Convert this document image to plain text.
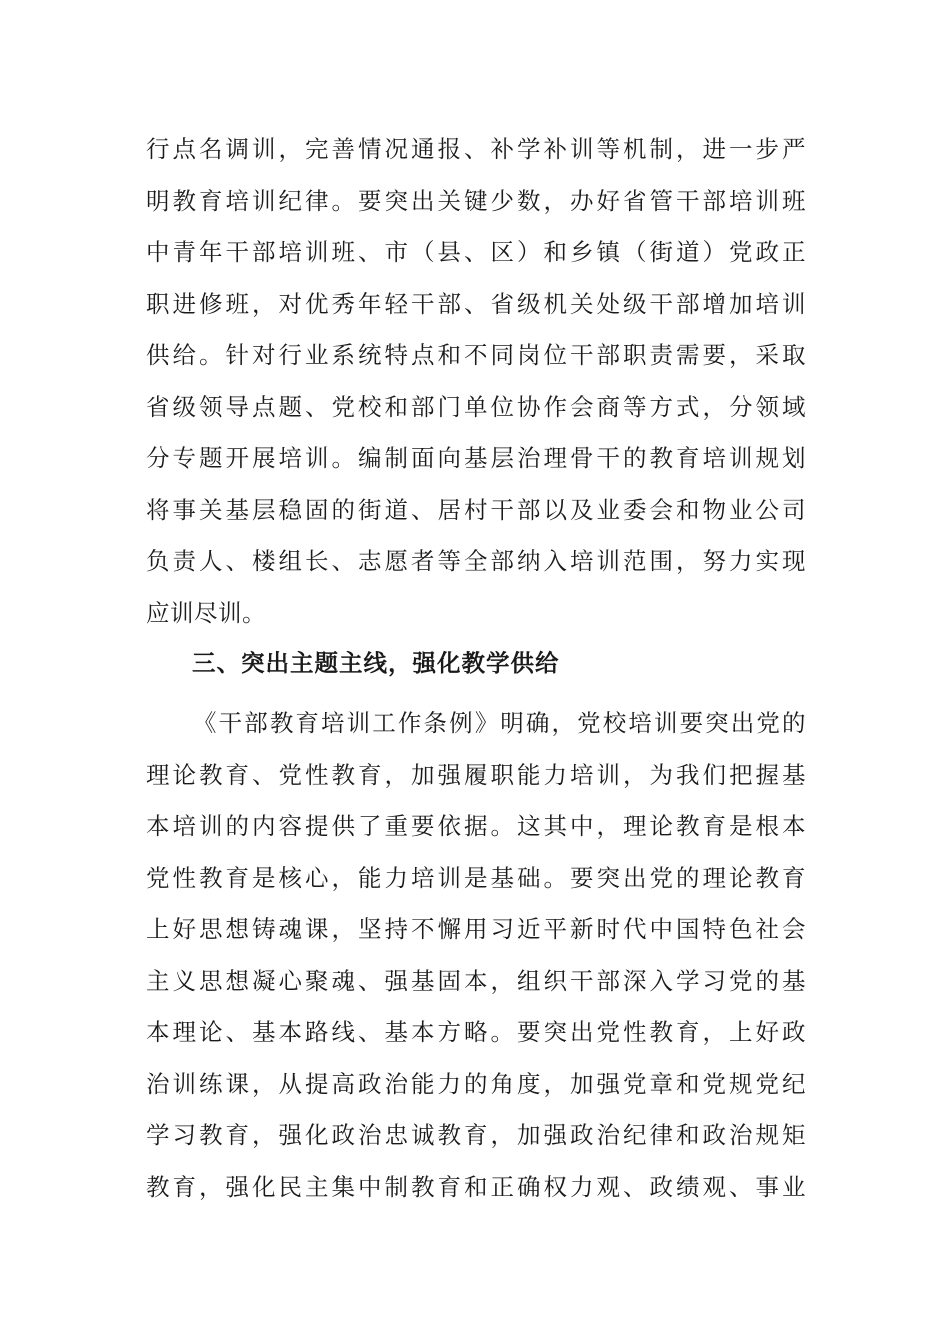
行点名调训，完善情况通报、补学补训等机制，进一步严
明教育培训纪律。要突出关键少数，办好省管干部培训班
中青年干部培训班、市（县、区）和乡镇（街道）党政正
职进修班，对优秀年轻干部、省级机关处级干部增加培训
供给。针对行业系统特点和不同岗位干部职责需要，采取
省级领导点题、党校和部门单位协作会商等方式，分领域
分专题开展培训。编制面向基层治理骨干的教育培训规划
将事关基层稳固的街道、居村干部以及业委会和物业公司
负责人、楼组长、志愿者等全部纳入培训范围，努力实现
应训尽训。
三、突出主题主线，强化教学供给
《干部教育培训工作条例》明确，党校培训要突出党的
理论教育、党性教育，加强履职能力培训，为我们把握基
本培训的内容提供了重要依据。这其中，理论教育是根本
党性教育是核心，能力培训是基础。要突出党的理论教育
上好思想铸魂课，坚持不懈用习近平新时代中国特色社会
主义思想凝心聚魂、强基固本，组织干部深入学习党的基
本理论、基本路线、基本方略。要突出党性教育，上好政
治训练课，从提高政治能力的角度，加强党章和党规党纪
学习教育，强化政治忠诚教育，加强政治纪律和政治规矩
教育，强化民主集中制教育和正确权力观、政绩观、事业
